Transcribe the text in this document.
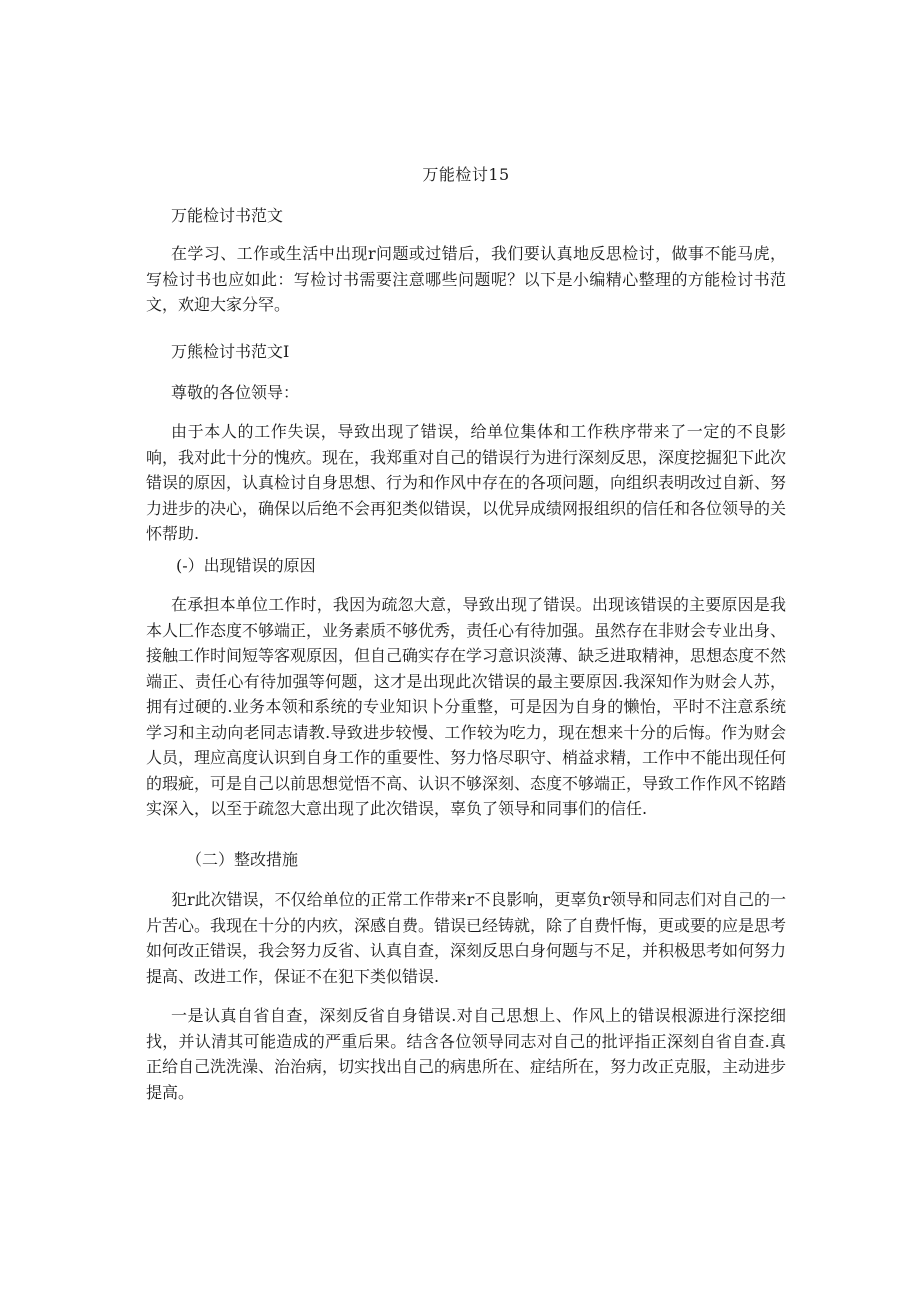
万能检讨15

万能检讨书范文

在学习、工作或生活中出现r问题或过错后，我们要认真地反思检讨，做事不能马虎，写检讨书也应如此：写检讨书需要注意哪些问题呢？以下是小编精心整理的方能检讨书范文，欢迎大家分罕。

万熊检讨书范文I

尊敬的各位领导：

由于本人的工作失误，导致出现了错误，给单位集体和工作秩序带来了一定的不良影响，我对此十分的愧疚。现在，我郑重对自己的错误行为进行深刻反思，深度挖掘犯下此次错误的原因，认真检讨自身思想、行为和作风中存在的各项问题，向组织表明改过自新、努力进步的决心，确保以后绝不会再犯类似错误，以优异成绩网报组织的信任和各位领导的关怀帮助.

(-）出现错误的原因

在承担本单位工作时，我因为疏忽大意，导致出现了错误。出现该错误的主要原因是我本人匚作态度不够端正，业务素质不够优秀，责任心有待加强。虽然存在非财会专业出身、接触工作时间短等客观原因，但自己确实存在学习意识淡薄、缺乏进取精神，思想态度不然端正、责任心有待加强等何题，这才是出现此次错误的最主要原因.我深知作为财会人苏，拥有过硬的.业务本领和系统的专业知识卜分重整，可是因为自身的懒怡，平时不注意系统学习和主动向老同志请教.导致进步较慢、工作较为吃力，现在想来十分的后悔。作为财会人员，理应高度认识到自身工作的重要性、努力恪尽职守、梢益求精，工作中不能出现任何的瑕疵，可是自己以前思想觉悟不高、认识不够深刻、态度不够端正，导致工作作风不铭踏实深入，以至于疏忽大意出现了此次错误，辜负了领导和同事们的信任.

（二）整改措施

犯r此次错误，不仅给单位的正常工作带来r不良影响，更辜负r领导和同志们对自己的一片苦心。我现在十分的内疚，深感自费。错误已经铸就，除了自费忏悔，更或要的应是思考如何改正错误，我会努力反省、认真自查，深刻反思白身何题与不足，并积极思考如何努力提高、改进工作，保证不在犯下类似错误.

一是认真自省自查，深刻反省自身错误.对自己思想上、作风上的错误根源进行深挖细找，并认清其可能造成的严重后果。结含各位领导同志对自己的批评指正深刻自省自查.真正给自己洗洗澡、治治病，切实找出自己的病患所在、症结所在，努力改正克服，主动进步提高。
